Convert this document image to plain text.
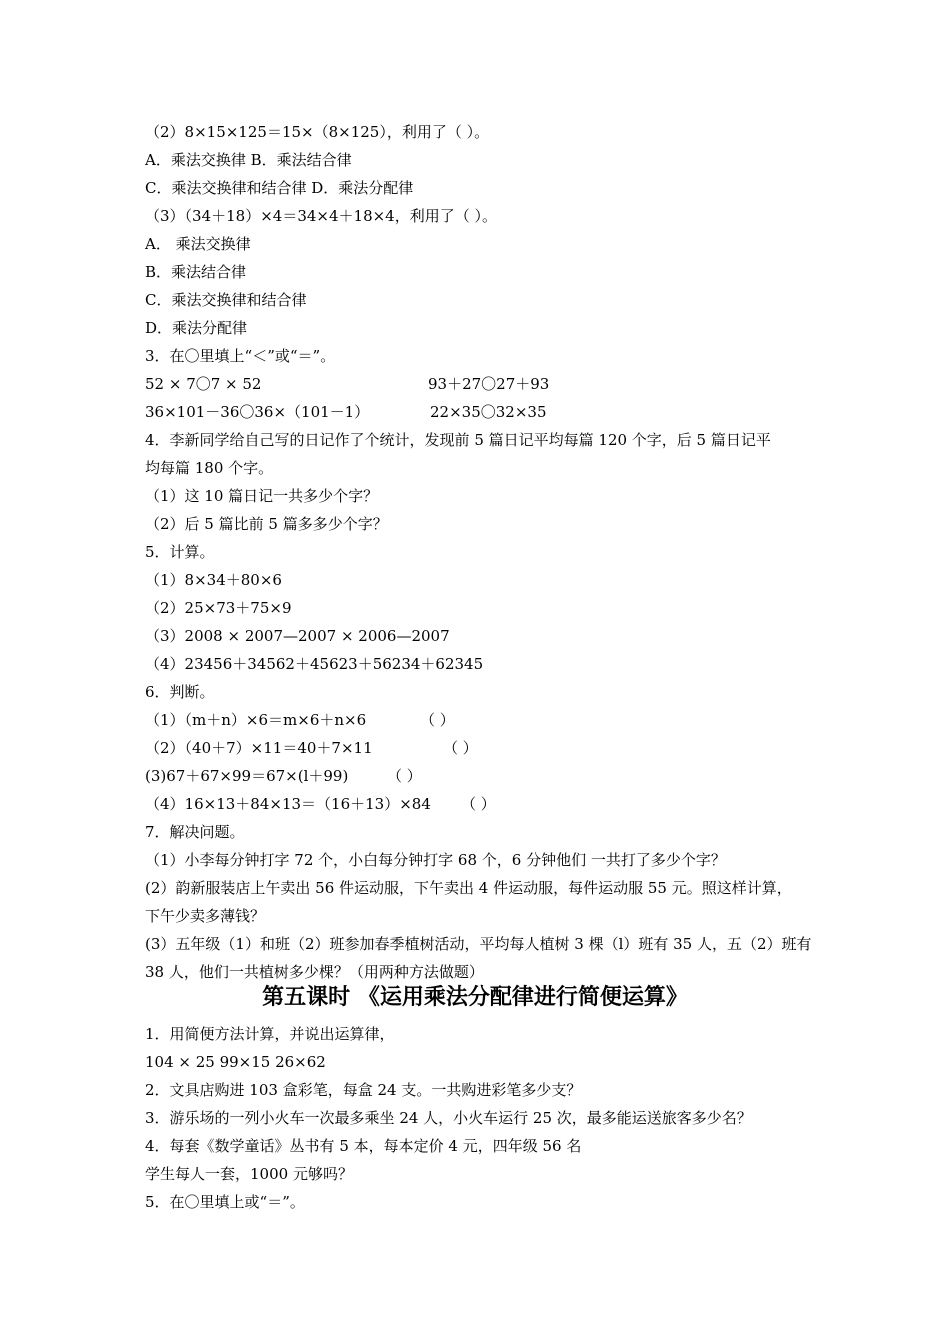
（2）8×15×125＝15×（8×125），利用了（ ）。
A．乘法交换律 B．乘法结合律
C．乘法交换律和结合律 D．乘法分配律
（3）（34＋18）×4＝34×4＋18×4，利用了（ ）。
A． 乘法交换律
B．乘法结合律
C．乘法交换律和结合律
D．乘法分配律
3．在〇里填上“＜”或“＝”。
52 × 7〇7 × 52	93＋27〇27＋93
36×101－36〇36×（101－1）	22×35〇32×35
4．李新同学给自己写的日记作了个统计，发现前 5 篇日记平均每篇 120 个字，后 5 篇日记平
均每篇 180 个字。
（1）这 10 篇日记一共多少个字？
（2）后 5 篇比前 5 篇多多少个字？
5．计算。
（1）8×34＋80×6
（2）25×73＋75×9
（3）2008 × 2007—2007 × 2006—2007
（4）23456＋34562＋45623＋56234＋62345
6．判断。
（1）（m＋n）×6＝m×6＋n×6	（ ）
（2）（40＋7）×11＝40＋7×11	（ ）
(3)67＋67×99＝67×(l＋99)	（ ）
（4）16×13＋84×13＝（16＋13）×84 （ ）
7．解决问题。
（1）小李每分钟打字 72 个，小白每分钟打字 68 个，6 分钟他们 一共打了多少个字？
(2）韵新服装店上午卖出 56 件运动服，下午卖出 4 件运动服，每件运动服 55 元。照这样计算，
下午少卖多薄钱？
(3）五年级（1）和班（2）班参加春季植树活动，平均每人植树 3 棵（l）班有 35 人，五（2）班有
38 人，他们一共植树多少棵？（用两种方法做题）
第五课时 《运用乘法分配律进行简便运算》
1．用简便方法计算，并说出运算律，
104 × 25 99×15 26×62
2．文具店购进 103 盒彩笔，每盒 24 支。一共购进彩笔多少支？
3．游乐场的一列小火车一次最多乘坐 24 人，小火车运行 25 次，最多能运送旅客多少名？
4．每套《数学童话》丛书有 5 本，每本定价 4 元，四年级 56 名
学生每人一套，1000 元够吗？
5．在〇里填上或“＝”。
